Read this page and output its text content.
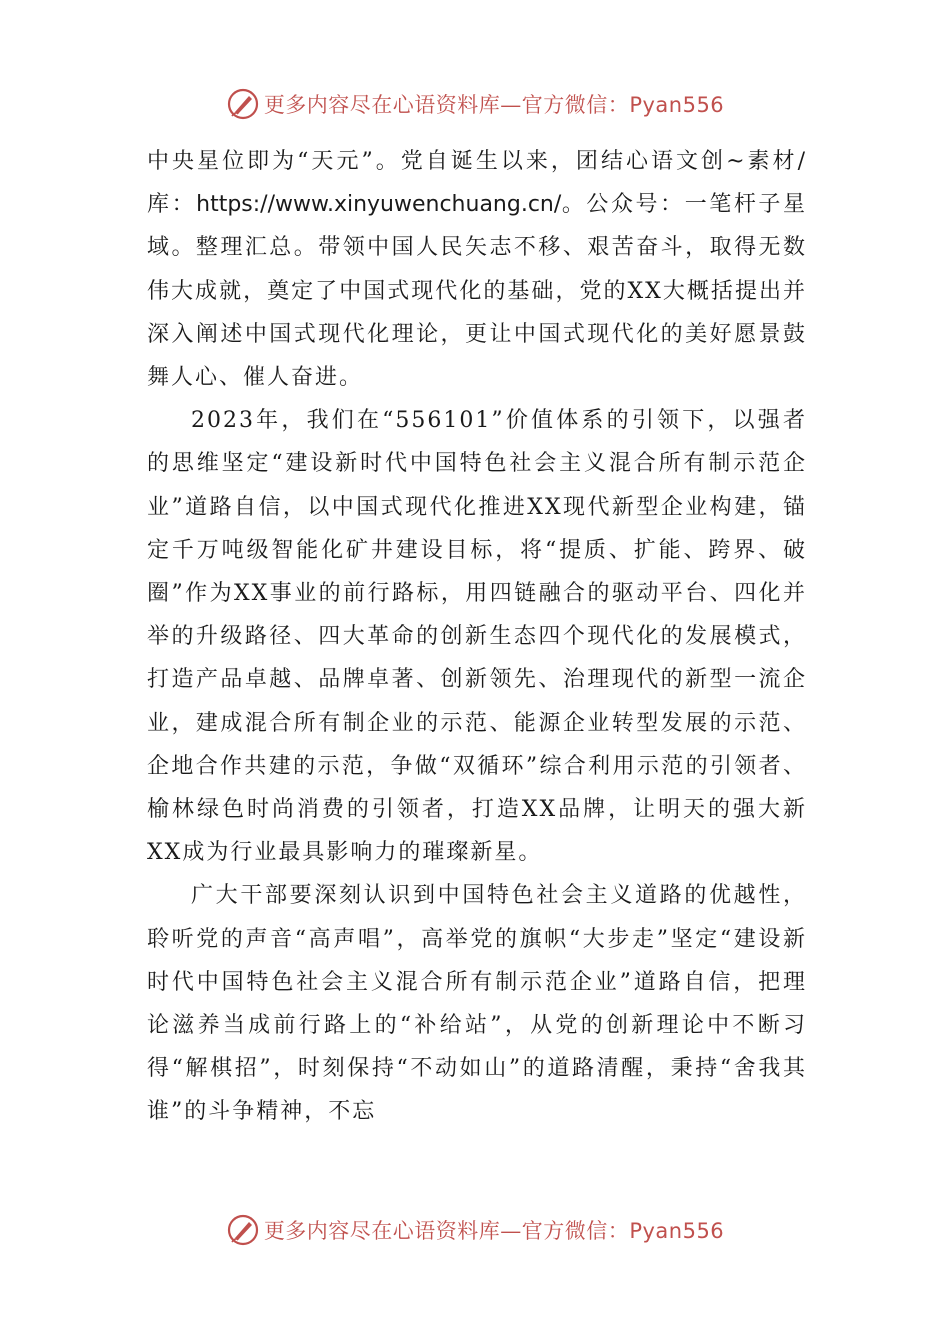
更多内容尽在心语资料库—官方微信：Pyan556

中央星位即为“天元”。党自诞生以来，团结心语文创~素材/库：https://www.xinyuwenchuang.cn/。公众号：一笔杆子星域。整理汇总。带领中国人民矢志不移、艰苦奋斗，取得无数伟大成就，奠定了中国式现代化的基础，党的XX大概括提出并深入阐述中国式现代化理论，更让中国式现代化的美好愿景鼓舞人心、催人奋进。

2023年，我们在“556101”价值体系的引领下，以强者的思维坚定“建设新时代中国特色社会主义混合所有制示范企业”道路自信，以中国式现代化推进XX现代新型企业构建，锚定千万吨级智能化矿井建设目标，将“提质、扩能、跨界、破圈”作为XX事业的前行路标，用四链融合的驱动平台、四化并举的升级路径、四大革命的创新生态四个现代化的发展模式，打造产品卓越、品牌卓著、创新领先、治理现代的新型一流企业，建成混合所有制企业的示范、能源企业转型发展的示范、企地合作共建的示范，争做“双循环”综合利用示范的引领者、榆林绿色时尚消费的引领者，打造XX品牌，让明天的强大新XX成为行业最具影响力的璀璨新星。

广大干部要深刻认识到中国特色社会主义道路的优越性，聆听党的声音“高声唱”，高举党的旗帜“大步走”坚定“建设新时代中国特色社会主义混合所有制示范企业”道路自信，把理论滋养当成前行路上的“补给站”，从党的创新理论中不断习得“解棋招”，时刻保持“不动如山”的道路清醒，秉持“舍我其谁”的斗争精神，不忘

更多内容尽在心语资料库—官方微信：Pyan556
